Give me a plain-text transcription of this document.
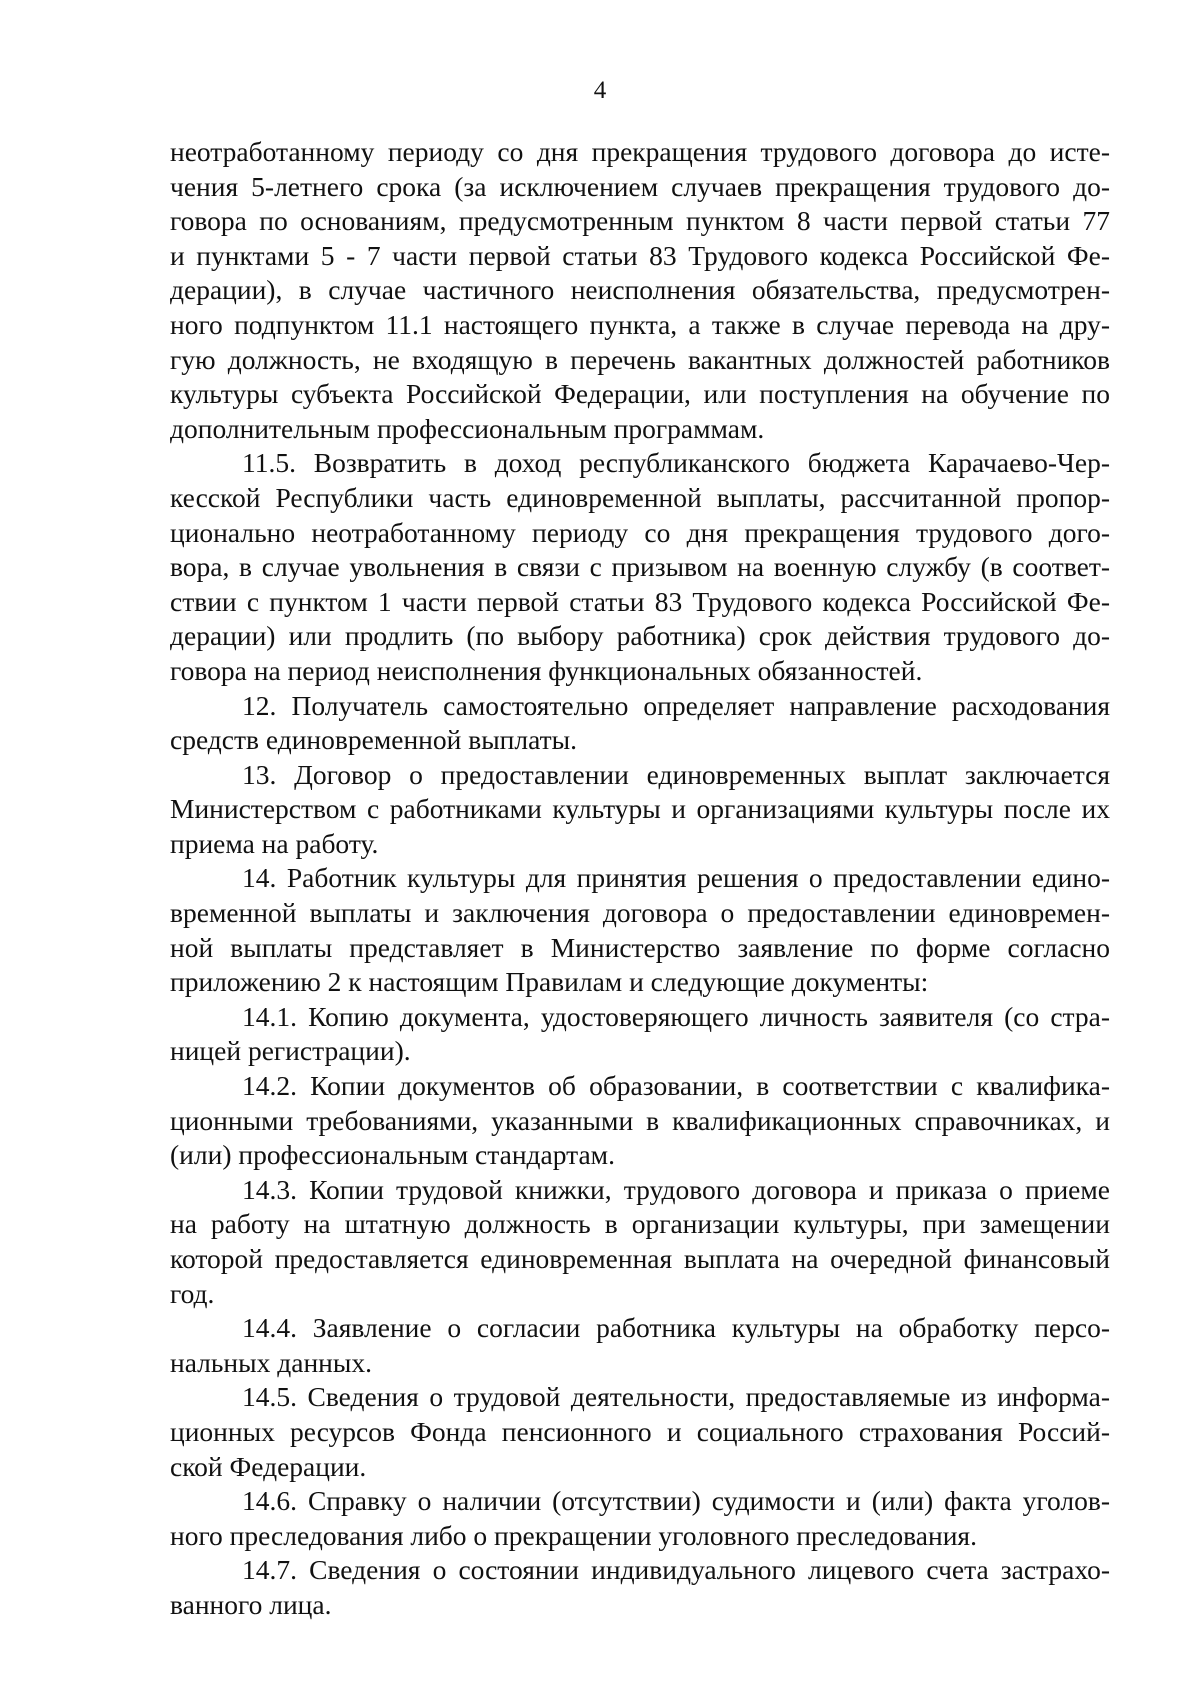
4

неотработанному периоду со дня прекращения трудового договора до исте-
чения 5-летнего срока (за исключением случаев прекращения трудового до-
говора по основаниям, предусмотренным пунктом 8 части первой статьи 77
и пунктами 5 - 7 части первой статьи 83 Трудового кодекса Российской Фе-
дерации), в случае частичного неисполнения обязательства, предусмотрен-
ного подпунктом 11.1 настоящего пункта, а также в случае перевода на дру-
гую должность, не входящую в перечень вакантных должностей работников
культуры субъекта Российской Федерации, или поступления на обучение по
дополнительным профессиональным программам.

11.5. Возвратить в доход республиканского бюджета Карачаево-Чер-
кесской Республики часть единовременной выплаты, рассчитанной пропор-
ционально неотработанному периоду со дня прекращения трудового дого-
вора, в случае увольнения в связи с призывом на военную службу (в соответ-
ствии с пунктом 1 части первой статьи 83 Трудового кодекса Российской Фе-
дерации) или продлить (по выбору работника) срок действия трудового до-
говора на период неисполнения функциональных обязанностей.

12. Получатель самостоятельно определяет направление расходования
средств единовременной выплаты.

13. Договор о предоставлении единовременных выплат заключается
Министерством с работниками культуры и организациями культуры после их
приема на работу.

14. Работник культуры для принятия решения о предоставлении едино-
временной выплаты и заключения договора о предоставлении единовремен-
ной выплаты представляет в Министерство заявление по форме согласно
приложению 2 к настоящим Правилам и следующие документы:

14.1. Копию документа, удостоверяющего личность заявителя (со стра-
ницей регистрации).

14.2. Копии документов об образовании, в соответствии с квалифика-
ционными требованиями, указанными в квалификационных справочниках, и
(или) профессиональным стандартам.

14.3. Копии трудовой книжки, трудового договора и приказа о приеме
на работу на штатную должность в организации культуры, при замещении
которой предоставляется единовременная выплата на очередной финансовый
год.

14.4. Заявление о согласии работника культуры на обработку персо-
нальных данных.

14.5. Сведения о трудовой деятельности, предоставляемые из информа-
ционных ресурсов Фонда пенсионного и социального страхования Россий-
ской Федерации.

14.6. Справку о наличии (отсутствии) судимости и (или) факта уголов-
ного преследования либо о прекращении уголовного преследования.

14.7. Сведения о состоянии индивидуального лицевого счета застрахо-
ванного лица.
